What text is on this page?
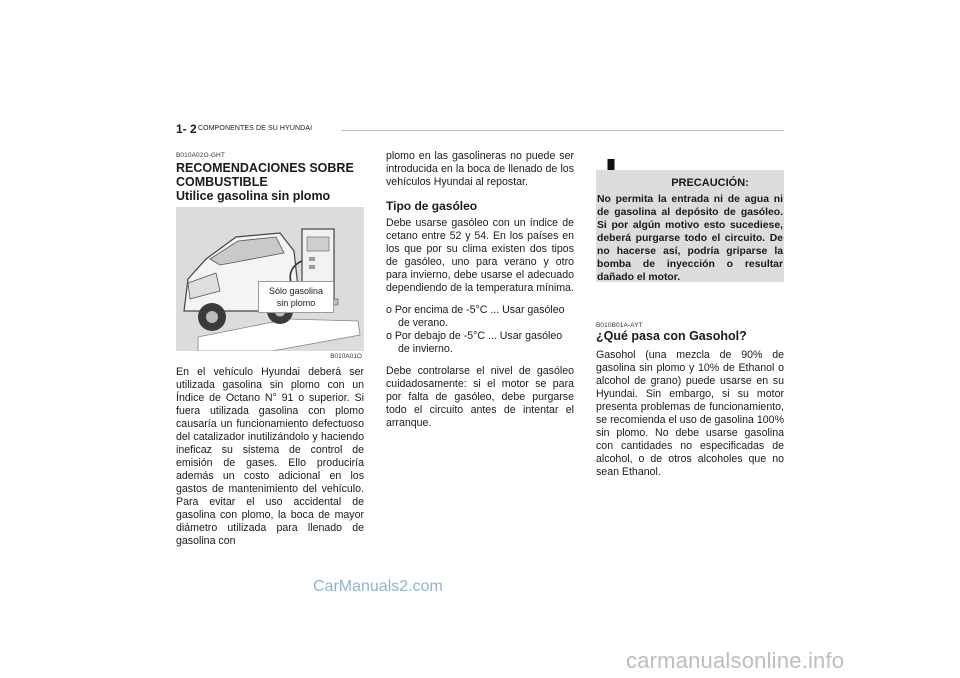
1- 2 COMPONENTES DE SU HYUNDAI
B010A02O-GHT
RECOMENDACIONES SOBRE
COMBUSTIBLE
Utilice gasolina sin plomo
Sólo gasolina
sin plomo
B010A01O

En el vehículo Hyundai deberá ser utilizada gasolina sin plomo con un Índice de Octano N° 91 o superior. Si fuera utilizada gasolina con plomo causaría un funcionamiento defectuoso del catalizador inutilizándolo y haciendo ineficaz su sistema de control de emisión de gases. Ello produciría además un costo adicional en los gastos de mantenimiento del vehículo. Para evitar el uso accidental de gasolina con plomo, la boca de mayor diámetro utilizada para llenado de gasolina con

plomo en las gasolineras no puede ser introducida en la boca de llenado de los vehículos Hyundai al repostar.

Tipo de gasóleo

Debe usarse gasóleo con un índice de cetano entre 52 y 54. En los países en los que por su clima existen dos tipos de gasóleo, uno para verano y otro para invierno, debe usarse el adecuado dependiendo de la temperatura mínima.

o Por encima de -5°C ... Usar gasóleo de verano.

o Por debajo de -5°C ... Usar gasóleo de invierno.

Debe controlarse el nivel de gasóleo cuidadosamente: si el motor se para por falta de gasóleo, debe purgarse todo el circuito antes de intentar el arranque.

PRECAUCIÓN:
No permita la entrada ni de agua ni de gasolina al depósito de gasóleo. Si por algún motivo esto sucediese, deberá purgarse todo el circuito. De no hacerse así, podría griparse la bomba de inyección o resultar dañado el motor.
B010B01A-AYT
¿Qué pasa con Gasohol?

Gasohol (una mezcla de 90% de gasolina sin plomo y 10% de Ethanol o alcohol de grano) puede usarse en su Hyundai. Sin embargo, si su motor presenta problemas de funcionamiento, se recomienda el uso de gasolina 100% sin plomo. No debe usarse gasolina con cantidades no especificadas de alcohol, o de otros alcoholes que no sean Ethanol.

CarManuals2.com
carmanualsonline.info
